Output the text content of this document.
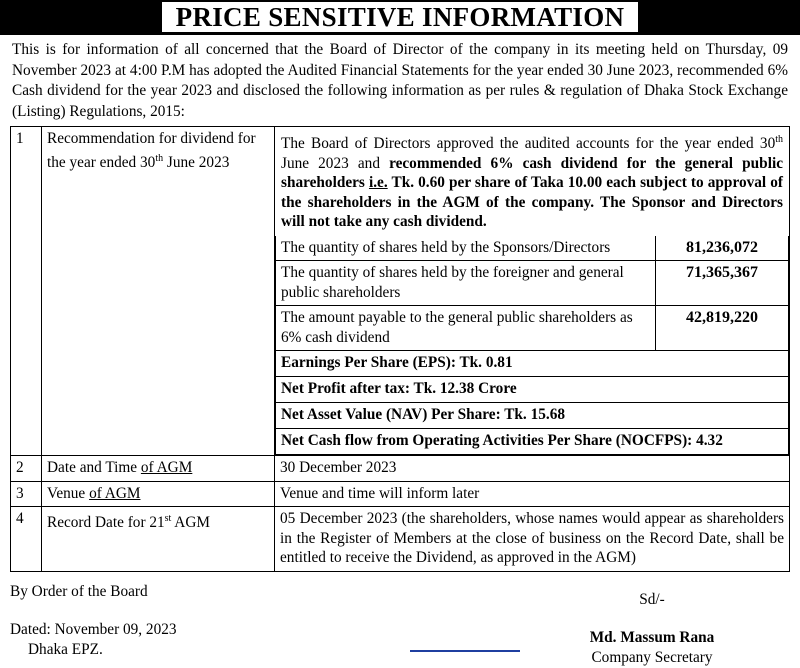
PRICE SENSITIVE INFORMATION

This is for information of all concerned that the Board of Director of the company in its meeting held on Thursday, 09 November 2023 at 4:00 P.M has adopted the Audited Financial Statements for the year ended 30 June 2023, recommended 6% Cash dividend for the year 2023 and disclosed the following information as per rules & regulation of Dhaka Stock Exchange (Listing) Regulations, 2015:

1	Recommendation for dividend for the year ended 30th June 2023	
The Board of Directors approved the audited accounts for the year ended 30th June 2023 and recommended 6% cash dividend for the general public shareholders i.e. Tk. 0.60 per share of Taka 10.00 each subject to approval of the shareholders in the AGM of the company. The Sponsor and Directors will not take any cash dividend.
The quantity of shares held by the Sponsors/Directors	81,236,072
The quantity of shares held by the foreigner and general public shareholders	71,365,367
The amount payable to the general public shareholders as 6% cash dividend	42,819,220
Earnings Per Share (EPS): Tk. 0.81
Net Profit after tax: Tk. 12.38 Crore
Net Asset Value (NAV) Per Share: Tk. 15.68
Net Cash flow from Operating Activities Per Share (NOCFPS): 4.32

2	Date and Time of AGM	30 December 2023
3	Venue of AGM	Venue and time will inform later
4	Record Date for 21st AGM	05 December 2023 (the shareholders, whose names would appear as shareholders in the Register of Members at the close of business on the Record Date, shall be entitled to receive the Dividend, as approved in the AGM)
By Order of the Board
Dated: November 09, 2023
Dhaka EPZ.
Sd/-
Md. Massum Rana
Company Secretary
